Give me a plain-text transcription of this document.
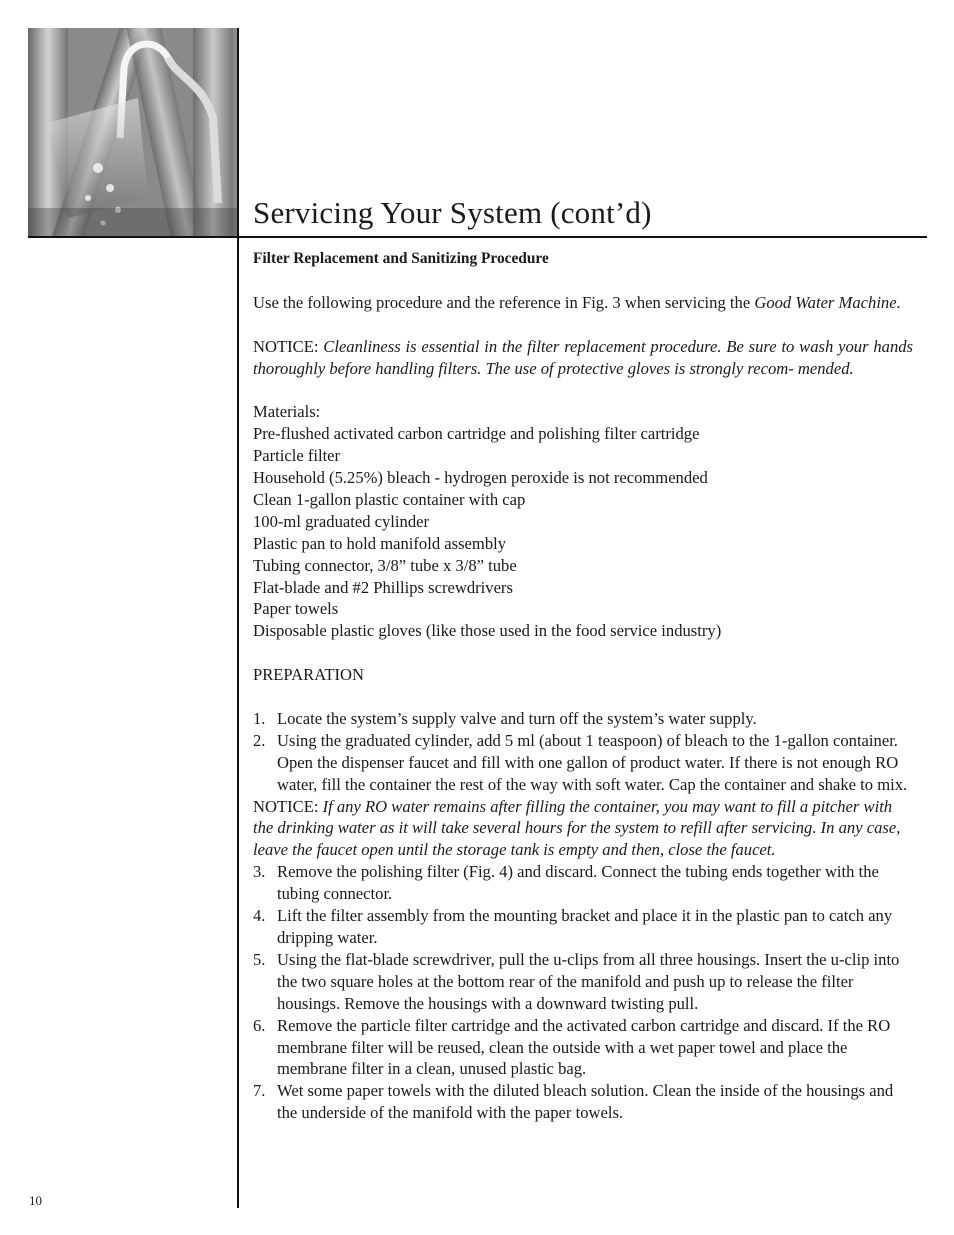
Servicing Your System (cont’d)

Filter Replacement and Sanitizing Procedure

Use the following procedure and the reference in Fig. 3 when servicing the Good Water Machine.

NOTICE: Cleanliness is essential in the filter replacement procedure. Be sure to wash your hands thoroughly before handling filters. The use of protective gloves is strongly recom- mended.

Materials:

Pre-flushed activated carbon cartridge and polishing filter cartridge

Particle filter

Household (5.25%) bleach - hydrogen peroxide is not recommended

Clean 1-gallon plastic container with cap

100-ml graduated cylinder

Plastic pan to hold manifold assembly

Tubing connector, 3/8” tube x 3/8” tube

Flat-blade and #2 Phillips screwdrivers

Paper towels

Disposable plastic gloves (like those used in the food service industry)

PREPARATION

1. Locate the system’s supply valve and turn off the system’s water supply.
2. Using the graduated cylinder, add 5 ml (about 1 teaspoon) of bleach to the 1-gallon container. Open the dispenser faucet and fill with one gallon of product water. If there is not enough RO water, fill the container the rest of the way with soft water. Cap the container and shake to mix.

NOTICE: If any RO water remains after filling the container, you may want to fill a pitcher with the drinking water as it will take several hours for the system to refill after servicing. In any case, leave the faucet open until the storage tank is empty and then, close the faucet.

3. Remove the polishing filter (Fig. 4) and discard. Connect the tubing ends together with the tubing connector.
4. Lift the filter assembly from the mounting bracket and place it in the plastic pan to catch any dripping water.
5. Using the flat-blade screwdriver, pull the u-clips from all three housings. Insert the u-clip into the two square holes at the bottom rear of the manifold and push up to release the filter housings. Remove the housings with a downward twisting pull.
6. Remove the particle filter cartridge and the activated carbon cartridge and discard. If the RO membrane filter will be reused, clean the outside with a wet paper towel and place the membrane filter in a clean, unused plastic bag.
7. Wet some paper towels with the diluted bleach solution. Clean the inside of the housings and the underside of the manifold with the paper towels.
10
